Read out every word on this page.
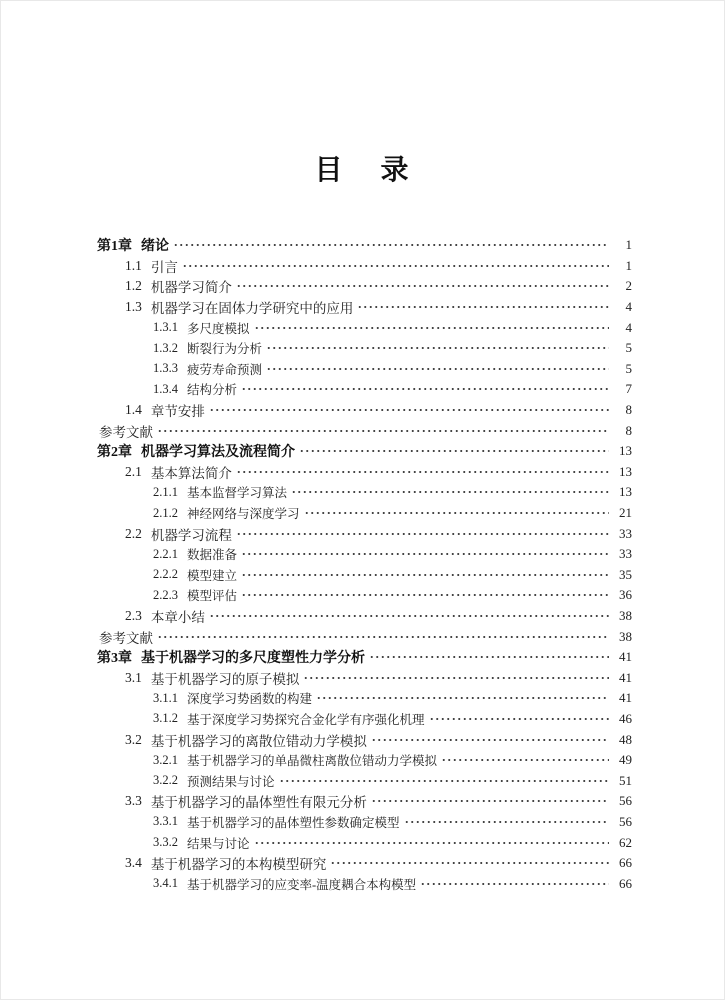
目    录
第1章 绪论	1
1.1 引言	1
1.2 机器学习简介	2
1.3 机器学习在固体力学研究中的应用	4
1.3.1 多尺度模拟	4
1.3.2 断裂行为分析	5
1.3.3 疲劳寿命预测	5
1.3.4 结构分析	7
1.4 章节安排	8
参考文献	8
第2章 机器学习算法及流程简介	13
2.1 基本算法简介	13
2.1.1 基本监督学习算法	13
2.1.2 神经网络与深度学习	21
2.2 机器学习流程	33
2.2.1 数据准备	33
2.2.2 模型建立	35
2.2.3 模型评估	36
2.3 本章小结	38
参考文献	38
第3章 基于机器学习的多尺度塑性力学分析	41
3.1 基于机器学习的原子模拟	41
3.1.1 深度学习势函数的构建	41
3.1.2 基于深度学习势探究合金化学有序强化机理	46
3.2 基于机器学习的离散位错动力学模拟	48
3.2.1 基于机器学习的单晶微柱离散位错动力学模拟	49
3.2.2 预测结果与讨论	51
3.3 基于机器学习的晶体塑性有限元分析	56
3.3.1 基于机器学习的晶体塑性参数确定模型	56
3.3.2 结果与讨论	62
3.4 基于机器学习的本构模型研究	66
3.4.1 基于机器学习的应变率-温度耦合本构模型	66
